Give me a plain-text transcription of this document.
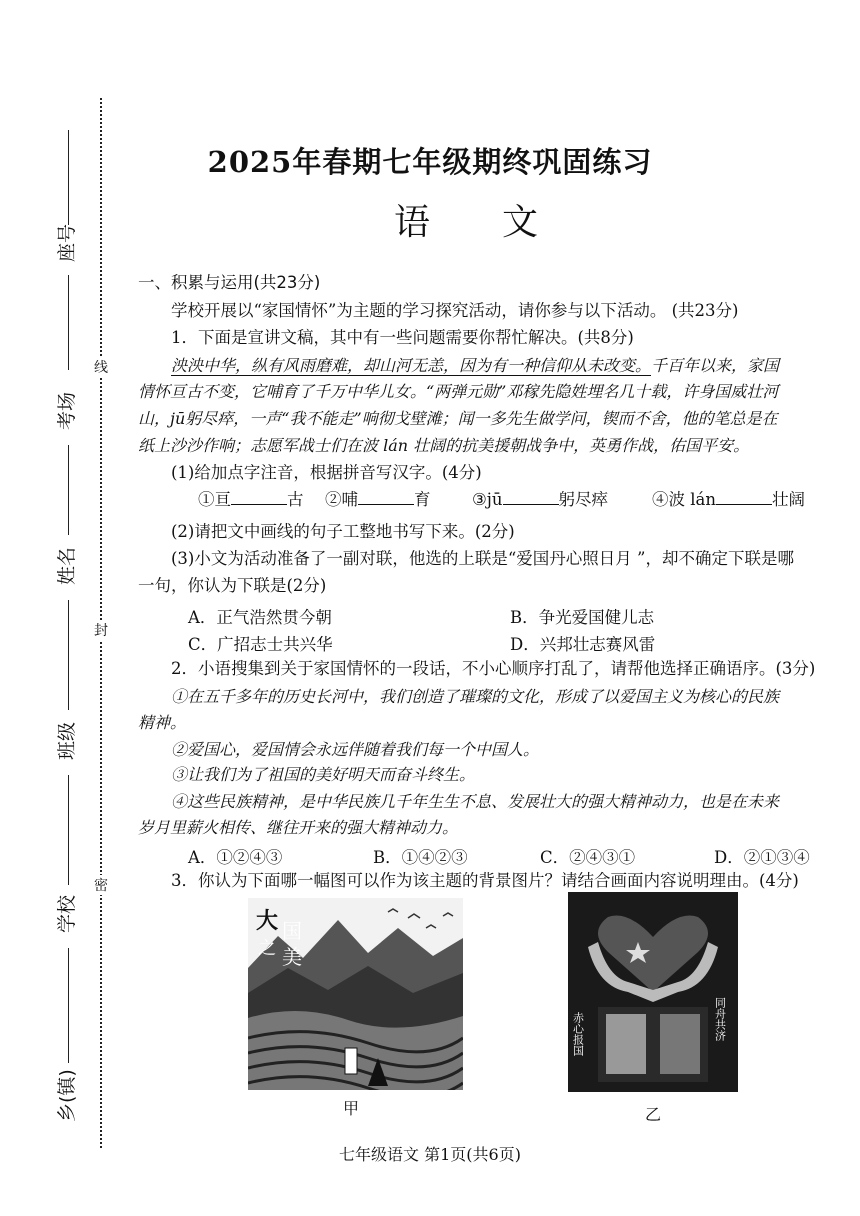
座号
考场
姓名
班级
学校
乡(镇)
线
封
密
2025年春期七年级期终巩固练习
语文
一、积累与运用(共23分)
学校开展以“家国情怀”为主题的学习探究活动，请你参与以下活动。 (共23分)
1．下面是宣讲文稿，其中有一些问题需要你帮忙解决。(共8分)
泱泱中华，纵有风雨磨难，却山河无恙，因为有一种信仰从未改变。千百年以来，家国
情怀亘古不变，它哺育了千万中华儿女。“两弹元勋”邓稼先隐姓埋名几十载，许身国威壮河
山，jū躬尽瘁，一声“我不能走”响彻戈壁滩；闻一多先生做学问，锲而不舍，他的笔总是在
纸上沙沙作响；志愿军战士们在波 lán 壮阔的抗美援朝战争中，英勇作战，佑国平安。
(1)给加点字注音，根据拼音写汉字。(4分)
①亘	古 ②哺	育	③jū	躬尽瘁	④波 lán	壮阔
(2)请把文中画线的句子工整地书写下来。(2分)
(3)小文为活动准备了一副对联，他选的上联是“爱国丹心照日月 ”，却不确定下联是哪
一句，你认为下联是(2分)
A．正气浩然贯今朝	B．争光爱国健儿志
C．广招志士共兴华	D．兴邦壮志赛风雷
2．小语搜集到关于家国情怀的一段话，不小心顺序打乱了，请帮他选择正确语序。(3分)
①在五千多年的历史长河中，我们创造了璀璨的文化，形成了以爱国主义为核心的民族
精神。
②爱国心，爱国情会永远伴随着我们每一个中国人。
③让我们为了祖国的美好明天而奋斗终生。
④这些民族精神，是中华民族几千年生生不息、发展壮大的强大精神动力，也是在未来
岁月里薪火相传、继往开来的强大精神动力。
A．①②④③	B．①④②③	C．②④③①	D．②①③④
3．你认为下面哪一幅图可以作为该主题的背景图片？请结合画面内容说明理由。(4分)
大
之
国
美
甲
赤心报国	同舟共济
乙
七年级语文 第1页(共6页)
